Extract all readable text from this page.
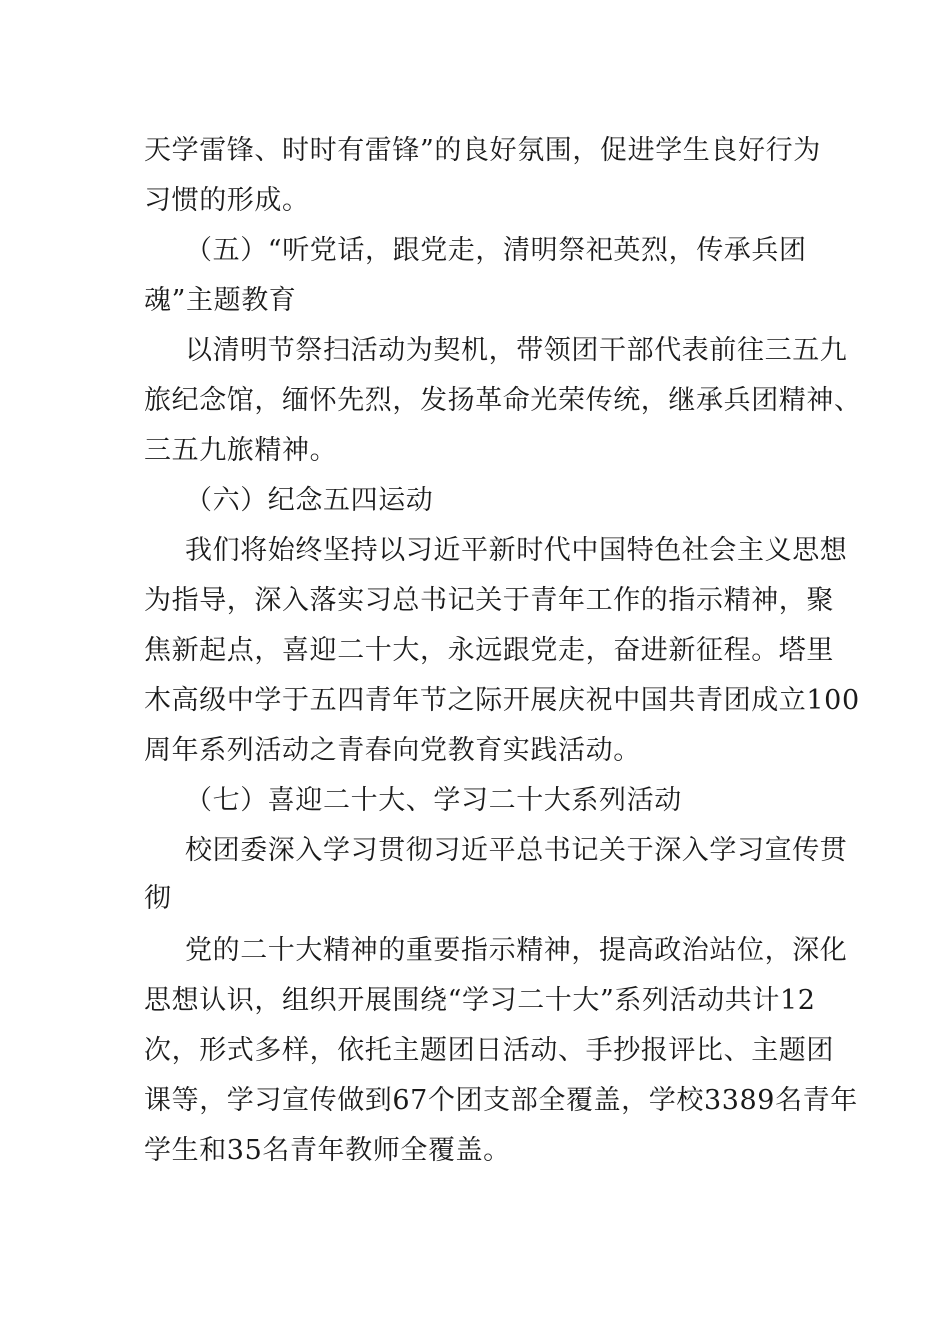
天学雷锋、时时有雷锋”的良好氛围，促进学生良好行为
习惯的形成。
（五）“听党话，跟党走，清明祭祀英烈，传承兵团
魂”主题教育
以清明节祭扫活动为契机，带领团干部代表前往三五九
旅纪念馆，缅怀先烈，发扬革命光荣传统，继承兵团精神、
三五九旅精神。
（六）纪念五四运动
我们将始终坚持以习近平新时代中国特色社会主义思想
为指导，深入落实习总书记关于青年工作的指示精神，聚
焦新起点，喜迎二十大，永远跟党走，奋进新征程。塔里
木高级中学于五四青年节之际开展庆祝中国共青团成立100
周年系列活动之青春向党教育实践活动。
（七）喜迎二十大、学习二十大系列活动
校团委深入学习贯彻习近平总书记关于深入学习宣传贯
彻
党的二十大精神的重要指示精神，提高政治站位，深化
思想认识，组织开展围绕“学习二十大”系列活动共计12
次，形式多样，依托主题团日活动、手抄报评比、主题团
课等，学习宣传做到67个团支部全覆盖，学校3389名青年
学生和35名青年教师全覆盖。
